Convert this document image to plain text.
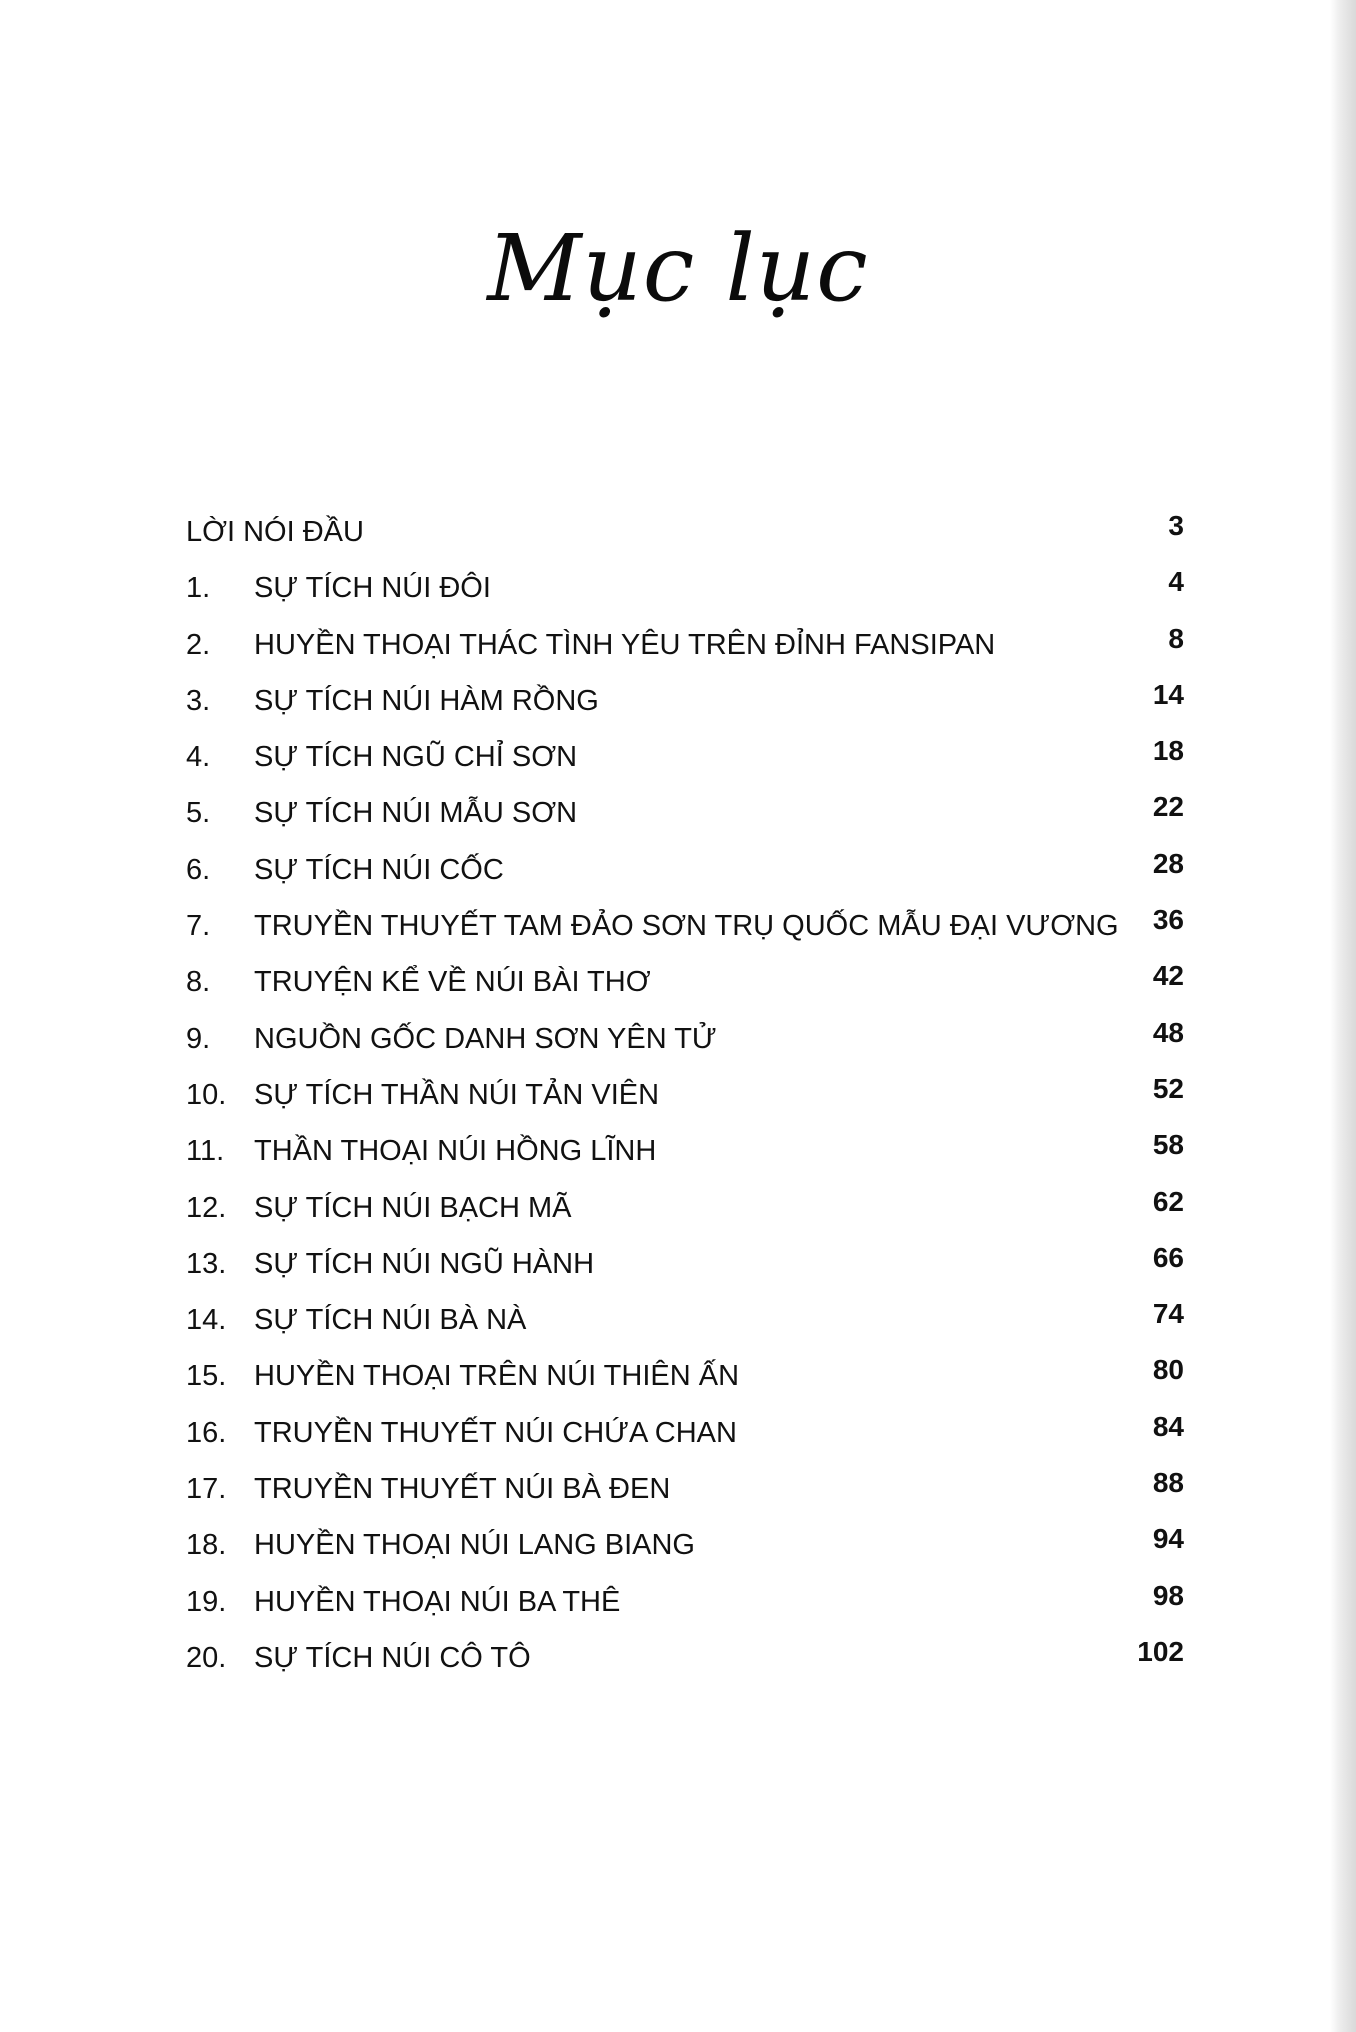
Mục lục
LỜI NÓI ĐẦU	3
1. SỰ TÍCH NÚI ĐÔI	4
2. HUYỀN THOẠI THÁC TÌNH YÊU TRÊN ĐỈNH FANSIPAN	8
3. SỰ TÍCH NÚI HÀM RỒNG	14
4. SỰ TÍCH NGŨ CHỈ SƠN	18
5. SỰ TÍCH NÚI MẪU SƠN	22
6. SỰ TÍCH NÚI CỐC	28
7. TRUYỀN THUYẾT TAM ĐẢO SƠN TRỤ QUỐC MẪU ĐẠI VƯƠNG 36
8. TRUYỆN KỂ VỀ NÚI BÀI THƠ	42
9. NGUỒN GỐC DANH SƠN YÊN TỬ	48
10. SỰ TÍCH THẦN NÚI TẢN VIÊN	52
11. THẦN THOẠI NÚI HỒNG LĨNH	58
12. SỰ TÍCH NÚI BẠCH MÃ	62
13. SỰ TÍCH NÚI NGŨ HÀNH	66
14. SỰ TÍCH NÚI BÀ NÀ	74
15. HUYỀN THOẠI TRÊN NÚI THIÊN ẤN	80
16. TRUYỀN THUYẾT NÚI CHỨA CHAN	84
17. TRUYỀN THUYẾT NÚI BÀ ĐEN	88
18. HUYỀN THOẠI NÚI LANG BIANG	94
19. HUYỀN THOẠI NÚI BA THÊ	98
20. SỰ TÍCH NÚI CÔ TÔ	102
